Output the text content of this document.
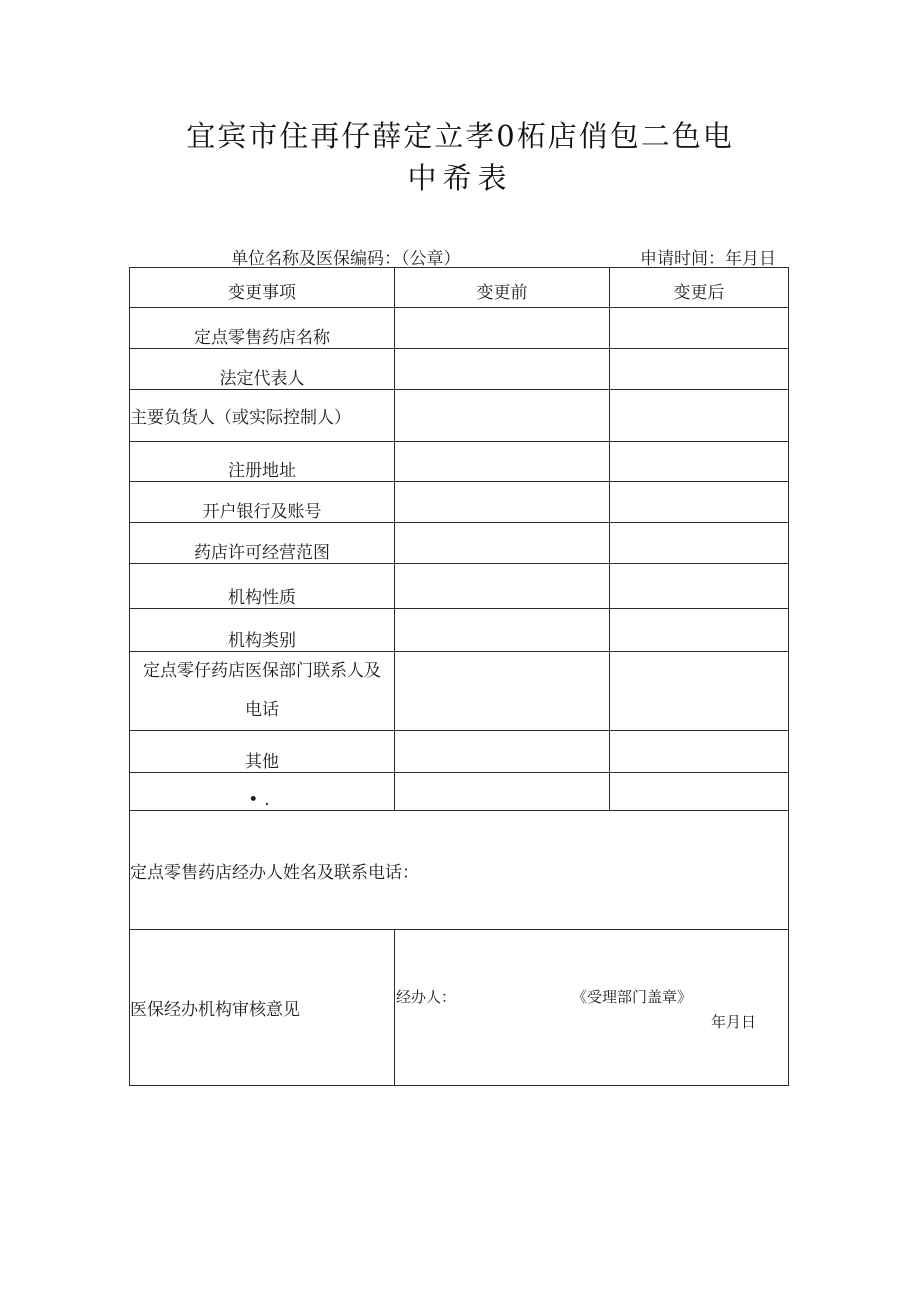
宜宾市住再仔薛定立孝0柘店俏包二色电
中希表
单位名称及医保编码：（公章）	申请时间：年月日
变更事项	变更前	变更后
定点零售药店名称		
法定代表人		
主要负货人（或实际控制人）		
注册地址		
开户银行及账号		
药店许可经营范图		
机构性质		
机构类别		

定点零仔药店医保部门联系人及
电话		

其他		
•.		
定点零售药店经办人姓名及联系电话：		
医保经办机构审核意见	经办人： 《受理部门盖章》
年月日	
